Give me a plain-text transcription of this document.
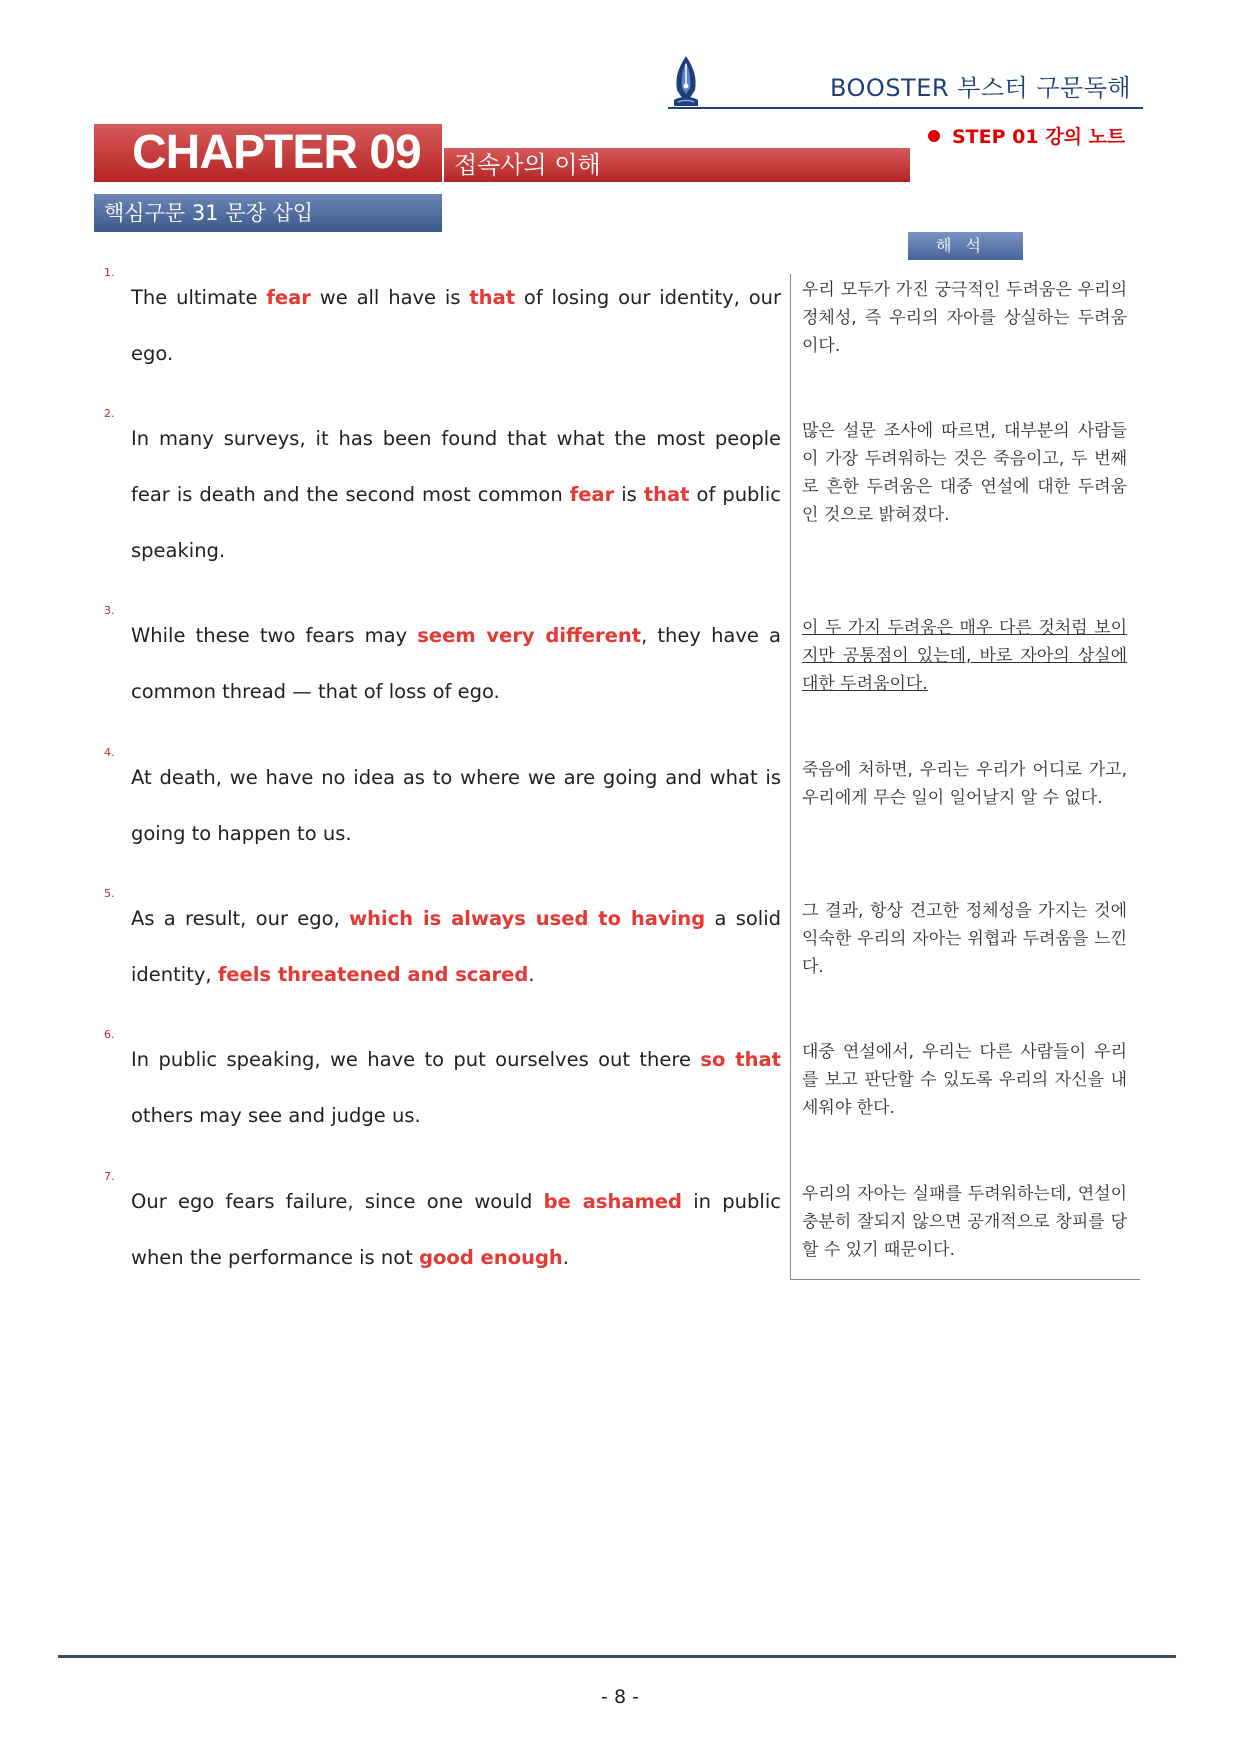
BOOSTER 부스터 구문독해
CHAPTER 09	접속사의 이해
STEP 01 강의 노트
핵심구문 31 문장 삽입
해석
1.

The ultimate fear we all have is that of losing our identity, our ego.

우리 모두가 가진 궁극적인 두려움은 우리의 정체성, 즉 우리의 자아를 상실하는 두려움이다.

2.

In many surveys, it has been found that what the most people fear is death and the second most common fear is that of public speaking.

많은 설문 조사에 따르면, 대부분의 사람들이 가장 두려워하는 것은 죽음이고, 두 번째로 흔한 두려움은 대중 연설에 대한 두려움인 것으로 밝혀졌다.

3.

While these two fears may seem very different, they have a common thread — that of loss of ego.

이 두 가지 두려움은 매우 다른 것처럼 보이지만 공통점이 있는데, 바로 자아의 상실에 대한 두려움이다.

4.

At death, we have no idea as to where we are going and what is going to happen to us.

죽음에 처하면, 우리는 우리가 어디로 가고, 우리에게 무슨 일이 일어날지 알 수 없다.

5.

As a result, our ego, which is always used to having a solid identity, feels threatened and scared.

그 결과, 항상 견고한 정체성을 가지는 것에 익숙한 우리의 자아는 위협과 두려움을 느낀다.

6.

In public speaking, we have to put ourselves out there so that others may see and judge us.

대중 연설에서, 우리는 다른 사람들이 우리를 보고 판단할 수 있도록 우리의 자신을 내세워야 한다.

7.

Our ego fears failure, since one would be ashamed in public when the performance is not good enough.

우리의 자아는 실패를 두려워하는데, 연설이 충분히 잘되지 않으면 공개적으로 창피를 당할 수 있기 때문이다.

- 8 -
